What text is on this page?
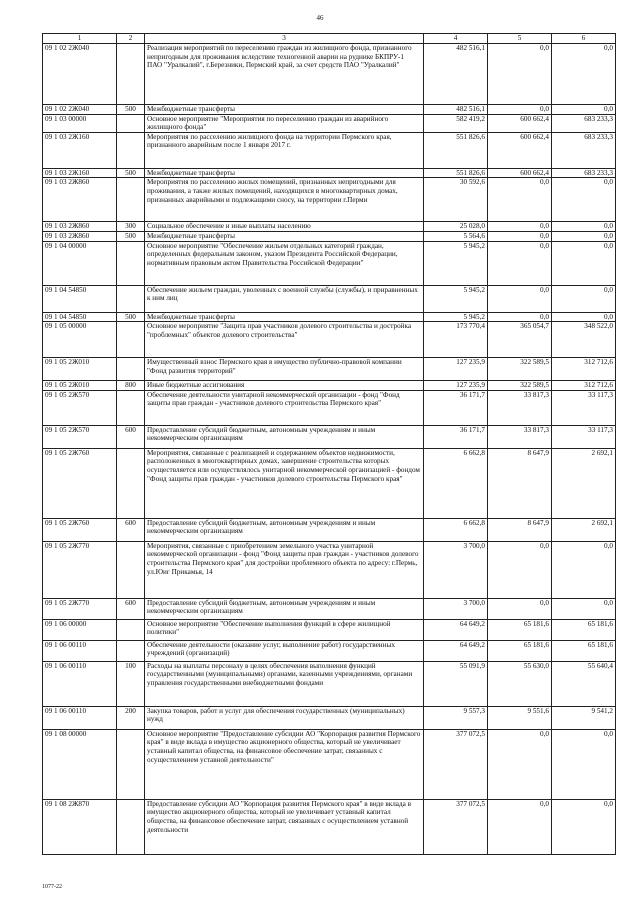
46
1	2	3	4	5	6
09 1 02 2Ж040		Реализация мероприятий по переселению граждан из жилищного фонда, признанного непригодным для проживания вследствие техногенной аварии на руднике БКПРУ-1 ПАО "Уралкалий", г.Березники, Пермский край, за счет средств ПАО "Уралкалий"	482 516,1	0,0	0,0
09 1 02 2Ж040	500	Межбюджетные трансферты	482 516,1	0,0	0,0
09 1 03 00000		Основное мероприятие "Мероприятия по переселению граждан из аварийного жилищного фонда"	582 419,2	600 662,4	683 233,3
09 1 03 2Ж160		Мероприятия по расселению жилищного фонда на территории Пермского края, признанного аварийным после 1 января 2017 г.	551 826,6	600 662,4	683 233,3
09 1 03 2Ж160	500	Межбюджетные трансферты	551 826,6	600 662,4	683 233,3
09 1 03 2Ж860		Мероприятия по расселению жилых помещений, признанных непригодными для проживания, а также жилых помещений, находящихся в многоквартирных домах, признанных аварийными и подлежащими сносу, на территории г.Перми	30 592,6	0,0	0,0
09 1 03 2Ж860	300	Социальное обеспечение и иные выплаты населению	25 028,0	0,0	0,0
09 1 03 2Ж860	500	Межбюджетные трансферты	5 564,6	0,0	0,0
09 1 04 00000		Основное мероприятие "Обеспечение жильем отдельных категорий граждан, определенных федеральным законом, указом Президента Российской Федерации, нормативным правовым актом Правительства Российской Федерации"	5 945,2	0,0	0,0
09 1 04 54850		Обеспечение жильем граждан, уволенных с военной службы (службы), и приравненных к ним лиц	5 945,2	0,0	0,0
09 1 04 54850	500	Межбюджетные трансферты	5 945,2	0,0	0,0
09 1 05 00000		Основное мероприятие "Защита прав участников долевого строительства и достройка "проблемных" объектов долевого строительства"	173 770,4	365 054,7	348 522,0
09 1 05 2Ж010		Имущественный взнос Пермского края в имущество публично-правовой компании "Фонд развития территорий"	127 235,9	322 589,5	312 712,6
09 1 05 2Ж010	800	Иные бюджетные ассигнования	127 235,9	322 589,5	312 712,6
09 1 05 2Ж570		Обеспечение деятельности унитарной некоммерческой организации - фонд "Фонд защиты прав граждан - участников долевого строительства Пермского края"	36 171,7	33 817,3	33 117,3
09 1 05 2Ж570	600	Предоставление субсидий бюджетным, автономным учреждениям и иным некоммерческим организациям	36 171,7	33 817,3	33 117,3
09 1 05 2Ж760		Мероприятия, связанные с реализацией и содержанием объектов недвижимости, расположенных в многоквартирных домах, завершение строительства которых осуществляется или осуществлялось унитарной некоммерческой организацией - фондом "Фонд защиты прав граждан - участников долевого строительства Пермского края"	6 662,8	8 647,9	2 692,1
09 1 05 2Ж760	600	Предоставление субсидий бюджетным, автономным учреждениям и иным некоммерческим организациям	6 662,8	8 647,9	2 692,1
09 1 05 2Ж770		Мероприятия, связанные с приобретением земельного участка унитарной некоммерческой организации - фонд "Фонд защиты прав граждан - участников долевого строительства Пермского края" для достройки проблемного объекта по адресу: г.Пермь, ул.Юиг Прикамья, 14	3 700,0	0,0	0,0
09 1 05 2Ж770	600	Предоставление субсидий бюджетным, автономным учреждениям и иным некоммерческим организациям	3 700,0	0,0	0,0
09 1 06 00000		Основное мероприятие "Обеспечение выполнения функций в сфере жилищной политики"	64 649,2	65 181,6	65 181,6
09 1 06 00110		Обеспечение деятельности (оказание услуг, выполнение работ) государственных учреждений (организаций)	64 649,2	65 181,6	65 181,6
09 1 06 00110	100	Расходы на выплаты персоналу в целях обеспечения выполнения функций государственными (муниципальными) органами, казенными учреждениями, органами управления государственными внебюджетными фондами	55 091,9	55 630,0	55 640,4
09 1 06 00110	200	Закупка товаров, работ и услуг для обеспечения государственных (муниципальных) нужд	9 557,3	9 551,6	9 541,2
09 1 08 00000		Основное мероприятие "Предоставление субсидии АО "Корпорация развития Пермского края" в виде вклада в имущество акционерного общества, который не увеличивает уставный капитал общества, на финансовое обеспечение затрат, связанных с осуществлением уставной деятельности"	377 072,5	0,0	0,0
09 1 08 2Ж870		Предоставление субсидии АО "Корпорация развития Пермского края" в виде вклада в имущество акционерного общества, который не увеличивает уставный капитал общества, на финансовое обеспечение затрат, связанных с осуществлением уставной деятельности	377 072,5	0,0	0,0
1077-22
